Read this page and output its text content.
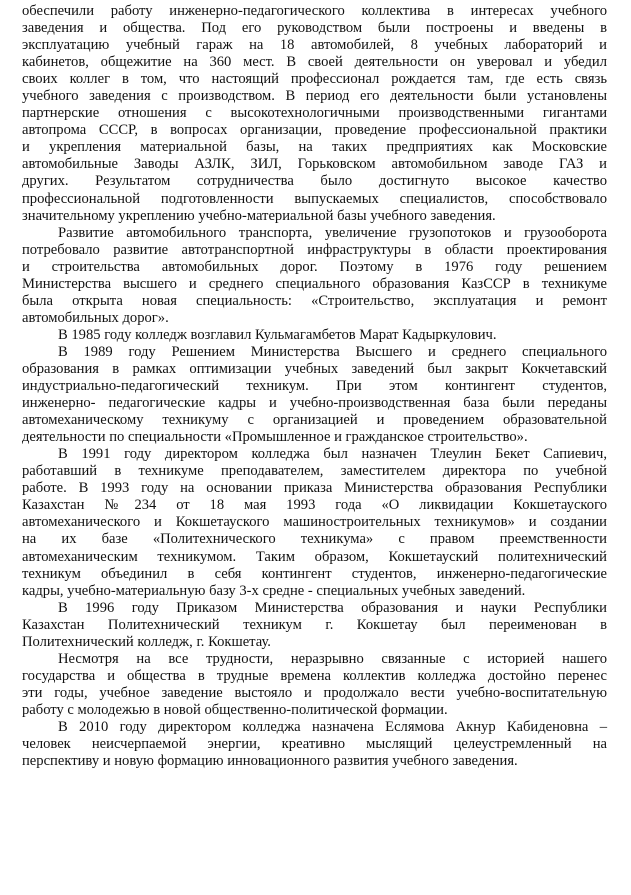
обеспечили работу инженерно-педагогического коллектива в интересах учебного
заведения и общества. Под его руководством были построены и введены в
эксплуатацию учебный гараж на 18 автомобилей, 8 учебных лабораторий и
кабинетов, общежитие на 360 мест. В своей деятельности он уверовал и убедил
своих коллег в том, что настоящий профессионал рождается там, где есть связь
учебного заведения с производством. В период его деятельности были установлены
партнерские отношения с высокотехнологичными производственными гигантами
автопрома СССР, в вопросах организации, проведение профессиональной практики
и укрепления материальной базы, на таких предприятиях как Московские
автомобильные Заводы АЗЛК, ЗИЛ, Горьковском автомобильном заводе ГАЗ и
других. Результатом сотрудничества было достигнуто высокое качество
профессиональной подготовленности выпускаемых специалистов, способствовало
значительному укреплению учебно-материальной базы учебного заведения.
Развитие автомобильного транспорта, увеличение грузопотоков и грузооборота
потребовало развитие автотранспортной инфраструктуры в области проектирования
и строительства автомобильных дорог. Поэтому в 1976 году решением
Министерства высшего и среднего специального образования КазССР в техникуме
была открыта новая специальность: «Строительство, эксплуатация и ремонт
автомобильных дорог».
В 1985 году колледж возглавил Кульмагамбетов Марат Кадыркулович.
В 1989 году Решением Министерства Высшего и среднего специального
образования в рамках оптимизации учебных заведений был закрыт Кокчетавский
индустриально-педагогический техникум. При этом контингент студентов,
инженерно- педагогические кадры и учебно-производственная база были переданы
автомеханическому техникуму с организацией и проведением образовательной
деятельности по специальности «Промышленное и гражданское строительство».
В 1991 году директором колледжа был назначен Тлеулин Бекет Сапиевич,
работавший в техникуме преподавателем, заместителем директора по учебной
работе. В 1993 году на основании приказа Министерства образования Республики
Казахстан №234 от 18 мая 1993 года «О ликвидации Кокшетауского
автомеханического и Кокшетауского машиностроительных техникумов» и создании
на их базе «Политехнического техникума» с правом преемственности
автомеханическим техникумом. Таким образом, Кокшетауский политехнический
техникум объединил в себя контингент студентов, инженерно-педагогические
кадры, учебно-материальную базу 3-х средне - специальных учебных заведений.
В 1996 году Приказом Министерства образования и науки Республики
Казахстан Политехнический техникум г. Кокшетау был переименован в
Политехнический колледж, г. Кокшетау.
Несмотря на все трудности, неразрывно связанные с историей нашего
государства и общества в трудные времена коллектив колледжа достойно перенес
эти годы, учебное заведение выстояло и продолжало вести учебно-воспитательную
работу с молодежью в новой общественно-политической формации.
В 2010 году директором колледжа назначена Еслямова Акнур Кабиденовна –
человек неисчерпаемой энергии, креативно мыслящий целеустремленный на
перспективу и новую формацию инновационного развития учебного заведения.
